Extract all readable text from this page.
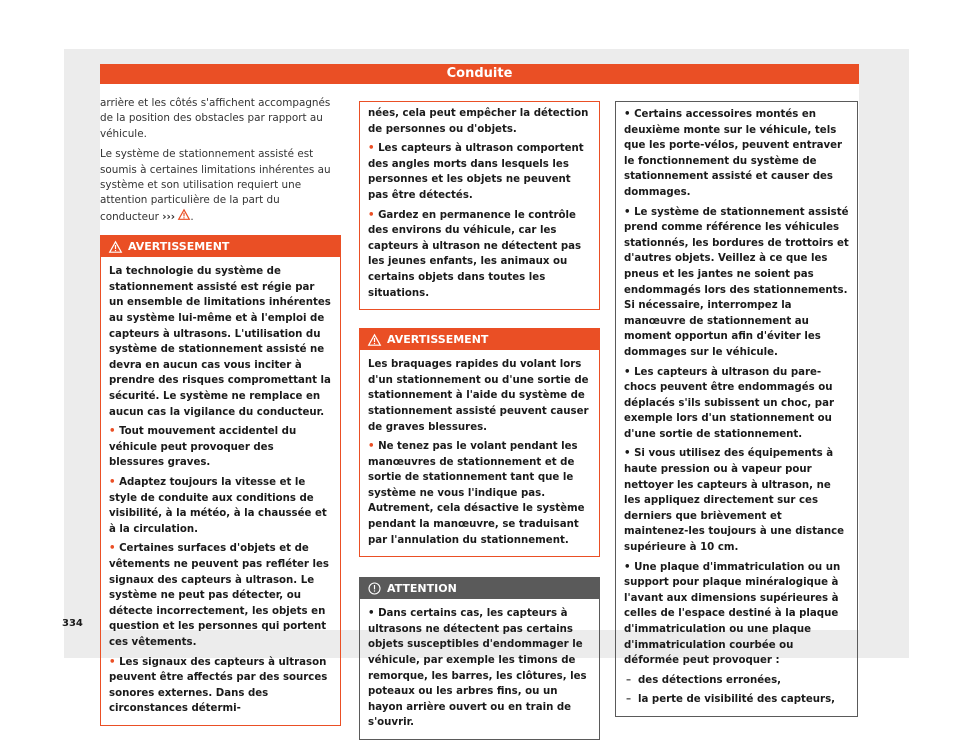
Conduite

arrière et les côtés s'affichent accompagnés de la position des obstacles par rapport au véhicule.

Le système de stationnement assisté est soumis à certaines limitations inhérentes au système et son utilisation requiert une attention particulière de la part du conducteur ››› .

AVERTISSEMENT

La technologie du système de stationnement assisté est régie par un ensemble de limitations inhérentes au système lui-même et à l'emploi de capteurs à ultrasons. L'utilisation du système de stationnement assisté ne devra en aucun cas vous inciter à prendre des risques compromettant la sécurité. Le système ne remplace en aucun cas la vigilance du conducteur.

• Tout mouvement accidentel du véhicule peut provoquer des blessures graves.

• Adaptez toujours la vitesse et le style de conduite aux conditions de visibilité, à la météo, à la chaussée et à la circulation.

• Certaines surfaces d'objets et de vêtements ne peuvent pas refléter les signaux des capteurs à ultrason. Le système ne peut pas détecter, ou détecte incorrectement, les objets en question et les personnes qui portent ces vêtements.

• Les signaux des capteurs à ultrason peuvent être affectés par des sources sonores externes. Dans des circonstances détermi-

nées, cela peut empêcher la détection de personnes ou d'objets.

• Les capteurs à ultrason comportent des angles morts dans lesquels les personnes et les objets ne peuvent pas être détectés.

• Gardez en permanence le contrôle des environs du véhicule, car les capteurs à ultrason ne détectent pas les jeunes enfants, les animaux ou certains objets dans toutes les situations.

AVERTISSEMENT

Les braquages rapides du volant lors d'un stationnement ou d'une sortie de stationnement à l'aide du système de stationnement assisté peuvent causer de graves blessures.

• Ne tenez pas le volant pendant les manœuvres de stationnement et de sortie de stationnement tant que le système ne vous l'indique pas. Autrement, cela désactive le système pendant la manœuvre, se traduisant par l'annulation du stationnement.

ATTENTION

• Dans certains cas, les capteurs à ultrasons ne détectent pas certains objets susceptibles d'endommager le véhicule, par exemple les timons de remorque, les barres, les clôtures, les poteaux ou les arbres fins, ou un hayon arrière ouvert ou en train de s'ouvrir.

• Certains accessoires montés en deuxième monte sur le véhicule, tels que les porte-vélos, peuvent entraver le fonctionnement du système de stationnement assisté et causer des dommages.

• Le système de stationnement assisté prend comme référence les véhicules stationnés, les bordures de trottoirs et d'autres objets. Veillez à ce que les pneus et les jantes ne soient pas endommagés lors des stationnements. Si nécessaire, interrompez la manœuvre de stationnement au moment opportun afin d'éviter les dommages sur le véhicule.

• Les capteurs à ultrason du pare-chocs peuvent être endommagés ou déplacés s'ils subissent un choc, par exemple lors d'un stationnement ou d'une sortie de stationnement.

• Si vous utilisez des équipements à haute pression ou à vapeur pour nettoyer les capteurs à ultrason, ne les appliquez directement sur ces derniers que brièvement et maintenez-les toujours à une distance supérieure à 10 cm.

• Une plaque d'immatriculation ou un support pour plaque minéralogique à l'avant aux dimensions supérieures à celles de l'espace destiné à la plaque d'immatriculation ou une plaque d'immatriculation courbée ou déformée peut provoquer :

– des détections erronées,

– la perte de visibilité des capteurs,

334
